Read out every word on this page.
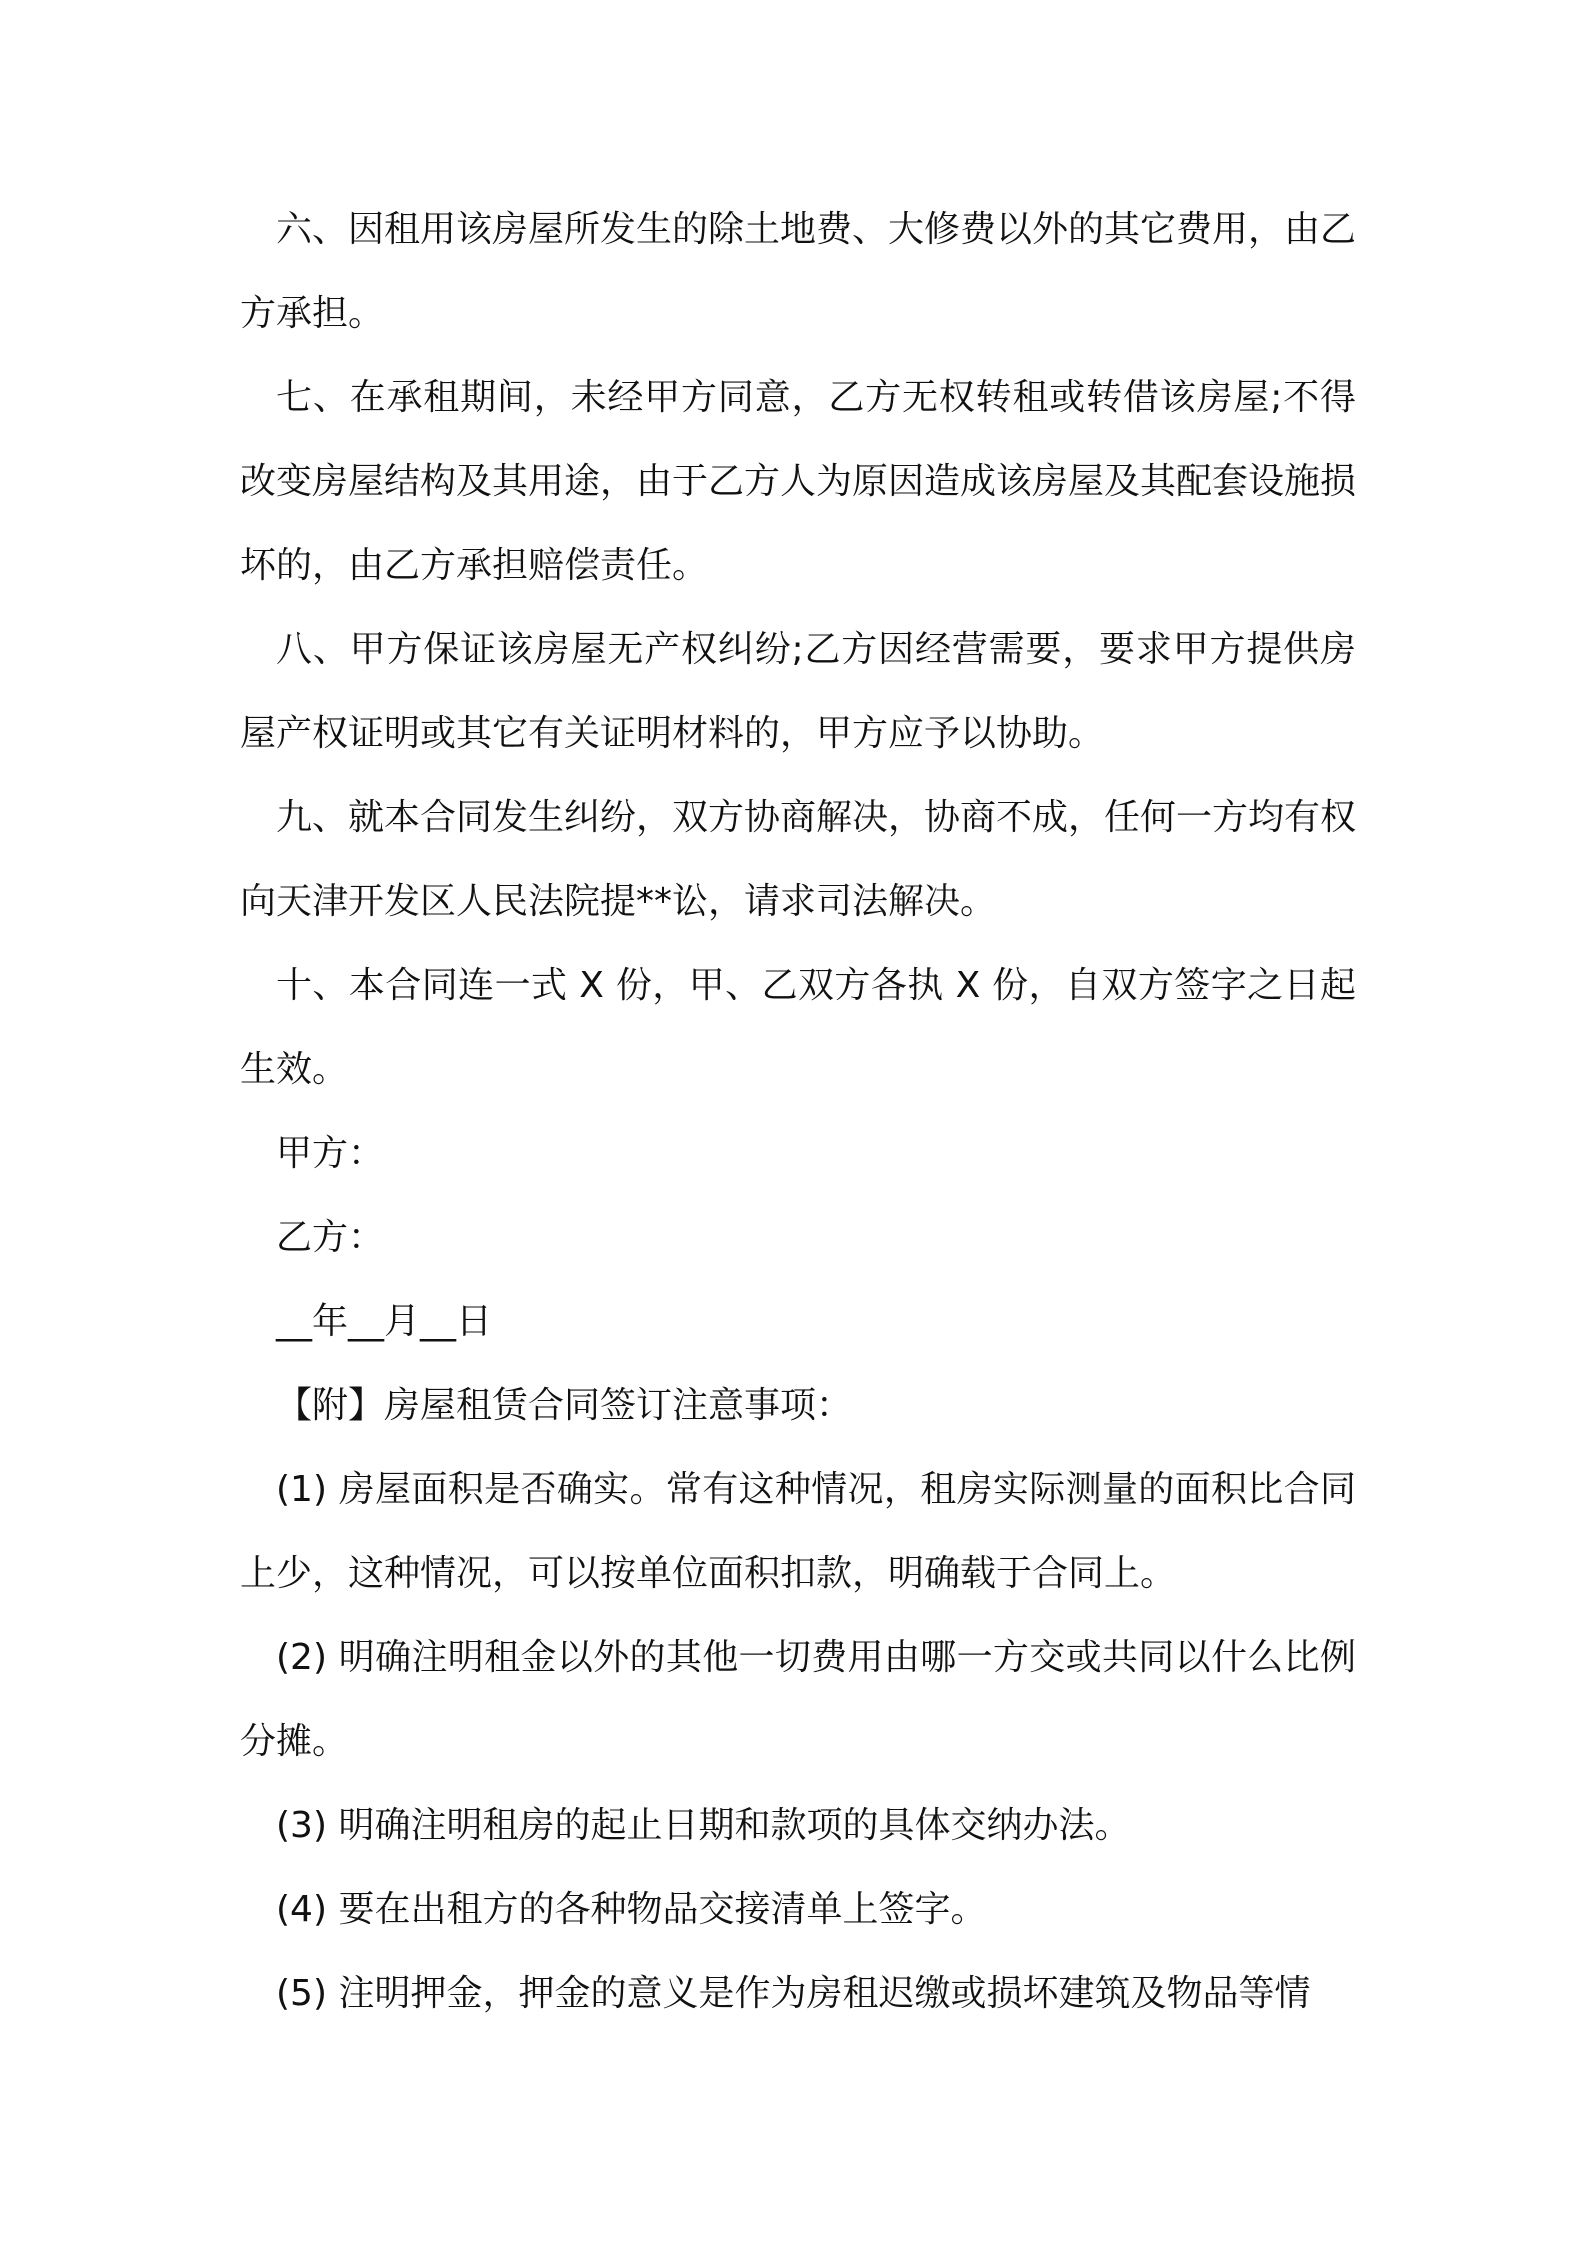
六、因租用该房屋所发生的除土地费、大修费以外的其它费用，由乙方承担。

七、在承租期间，未经甲方同意，乙方无权转租或转借该房屋;不得改变房屋结构及其用途，由于乙方人为原因造成该房屋及其配套设施损坏的，由乙方承担赔偿责任。

八、甲方保证该房屋无产权纠纷;乙方因经营需要，要求甲方提供房屋产权证明或其它有关证明材料的，甲方应予以协助。

九、就本合同发生纠纷，双方协商解决，协商不成，任何一方均有权向天津开发区人民法院提**讼，请求司法解决。

十、本合同连一式 X 份，甲、乙双方各执 X 份，自双方签字之日起生效。

甲方：

乙方：

__年__月__日

【附】房屋租赁合同签订注意事项：

(1) 房屋面积是否确实。常有这种情况，租房实际测量的面积比合同上少，这种情况，可以按单位面积扣款，明确载于合同上。

(2) 明确注明租金以外的其他一切费用由哪一方交或共同以什么比例分摊。

(3) 明确注明租房的起止日期和款项的具体交纳办法。

(4) 要在出租方的各种物品交接清单上签字。

(5) 注明押金，押金的意义是作为房租迟缴或损坏建筑及物品等情
